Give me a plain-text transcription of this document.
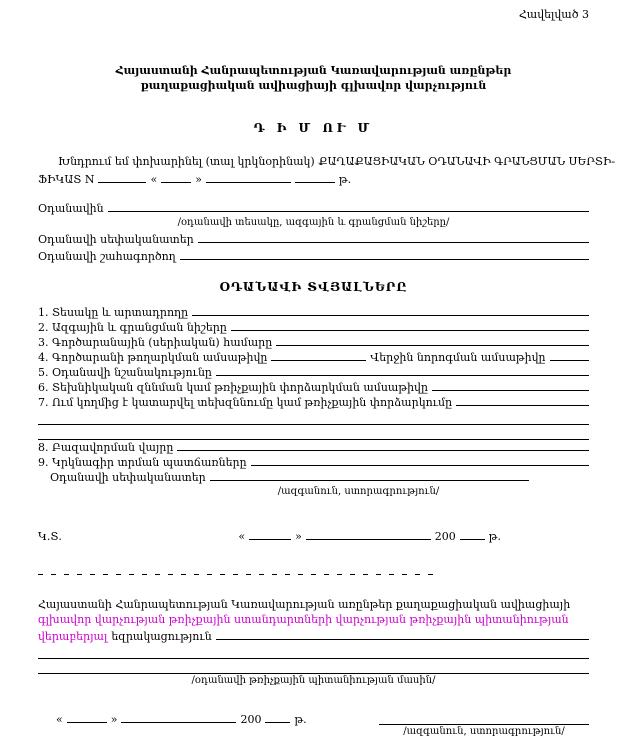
Հավելված 3
Հայաստանի Հանրապետության Կառավարության առընթեր
քաղաքացիական ավիացիայի գլխավոր վարչություն
Դ Ի Մ ՈՒ Մ
Խնդրում եմ փոխարինել (տալ կրկնօրինակ) ՔԱՂԱՔԱՑԻԱԿԱՆ ՕԴԱՆԱՎԻ ԳՐԱՆՑՄԱՆ ՍԵՐՏԻ-
ՖԻԿԱՏ N	«	»	թ.
Օդանավին
/օդանավի տեսակը, ազգային և գրանցման նիշերը/
Օդանավի սեփականատեր
Օդանավի շահագործող
ՕԴԱՆԱՎԻ ՏՎՅԱԼՆԵՐԸ
1. Տեսակը և արտադրողը
2. Ազգային և գրանցման նիշերը
3. Գործարանային (սերիական) համարը
4. Գործարանի թողարկման ամսաթիվը	Վերջին նորոգման ամսաթիվը
5. Օդանավի նշանակությունը
6. Տեխնիկական զննման կամ թռիչքային փորձարկման ամսաթիվը
7. Ում կողմից է կատարվել տեխզննումը կամ թռիչքային փորձարկումը
8. Բազավորման վայրը
9. Կրկնագիր տրման պատճառները
Օդանավի սեփականատեր
/ազգանուն, ստորագրություն/
Կ.Տ.	«	»	200	թ.
Հայաստանի Հանրապետության Կառավարության առընթեր քաղաքացիական ավիացիայի
գլխավոր վարչության թռիչքային ստանդարտների վարչության թռիչքային պիտանիության
վերաբերյալ եզրակացություն
/օդանավի թռիչքային պիտանիության մասին/
«	»	200	թ.
/ազգանուն, ստորագրություն/
